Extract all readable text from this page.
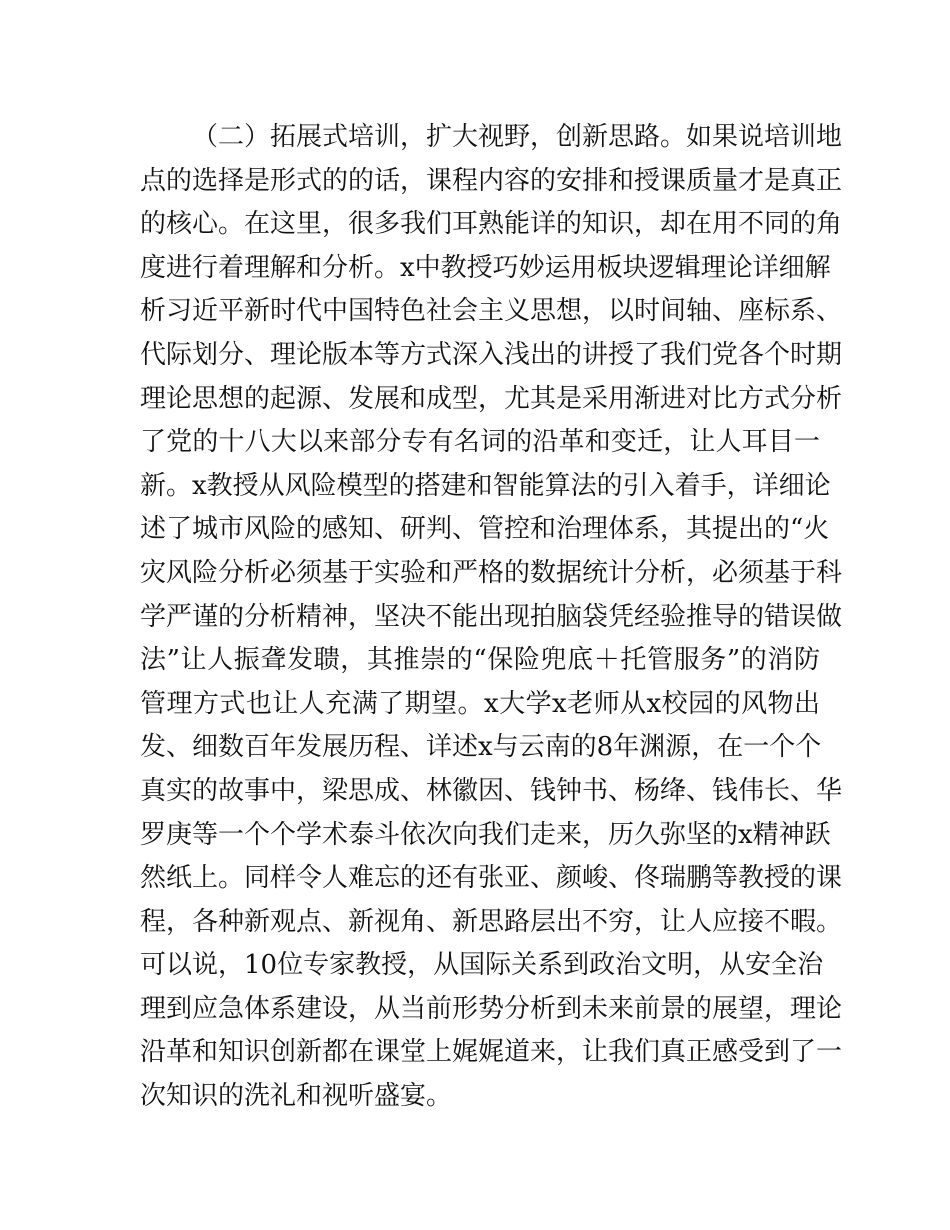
（二）拓展式培训，扩大视野，创新思路。如果说培训地
点的选择是形式的的话，课程内容的安排和授课质量才是真正
的核心。在这里，很多我们耳熟能详的知识，却在用不同的角
度进行着理解和分析。x中教授巧妙运用板块逻辑理论详细解
析习近平新时代中国特色社会主义思想，以时间轴、座标系、
代际划分、理论版本等方式深入浅出的讲授了我们党各个时期
理论思想的起源、发展和成型，尤其是采用渐进对比方式分析
了党的十八大以来部分专有名词的沿革和变迁，让人耳目一
新。x教授从风险模型的搭建和智能算法的引入着手，详细论
述了城市风险的感知、研判、管控和治理体系，其提出的“火
灾风险分析必须基于实验和严格的数据统计分析，必须基于科
学严谨的分析精神，坚决不能出现拍脑袋凭经验推导的错误做
法”让人振聋发聩，其推崇的“保险兜底＋托管服务”的消防
管理方式也让人充满了期望。x大学x老师从x校园的风物出
发、细数百年发展历程、详述x与云南的8年渊源，在一个个
真实的故事中，梁思成、林徽因、钱钟书、杨绛、钱伟长、华
罗庚等一个个学术泰斗依次向我们走来，历久弥坚的x精神跃
然纸上。同样令人难忘的还有张亚、颜峻、佟瑞鹏等教授的课
程，各种新观点、新视角、新思路层出不穷，让人应接不暇。
可以说，10位专家教授，从国际关系到政治文明，从安全治
理到应急体系建设，从当前形势分析到未来前景的展望，理论
沿革和知识创新都在课堂上娓娓道来，让我们真正感受到了一
次知识的洗礼和视听盛宴。
